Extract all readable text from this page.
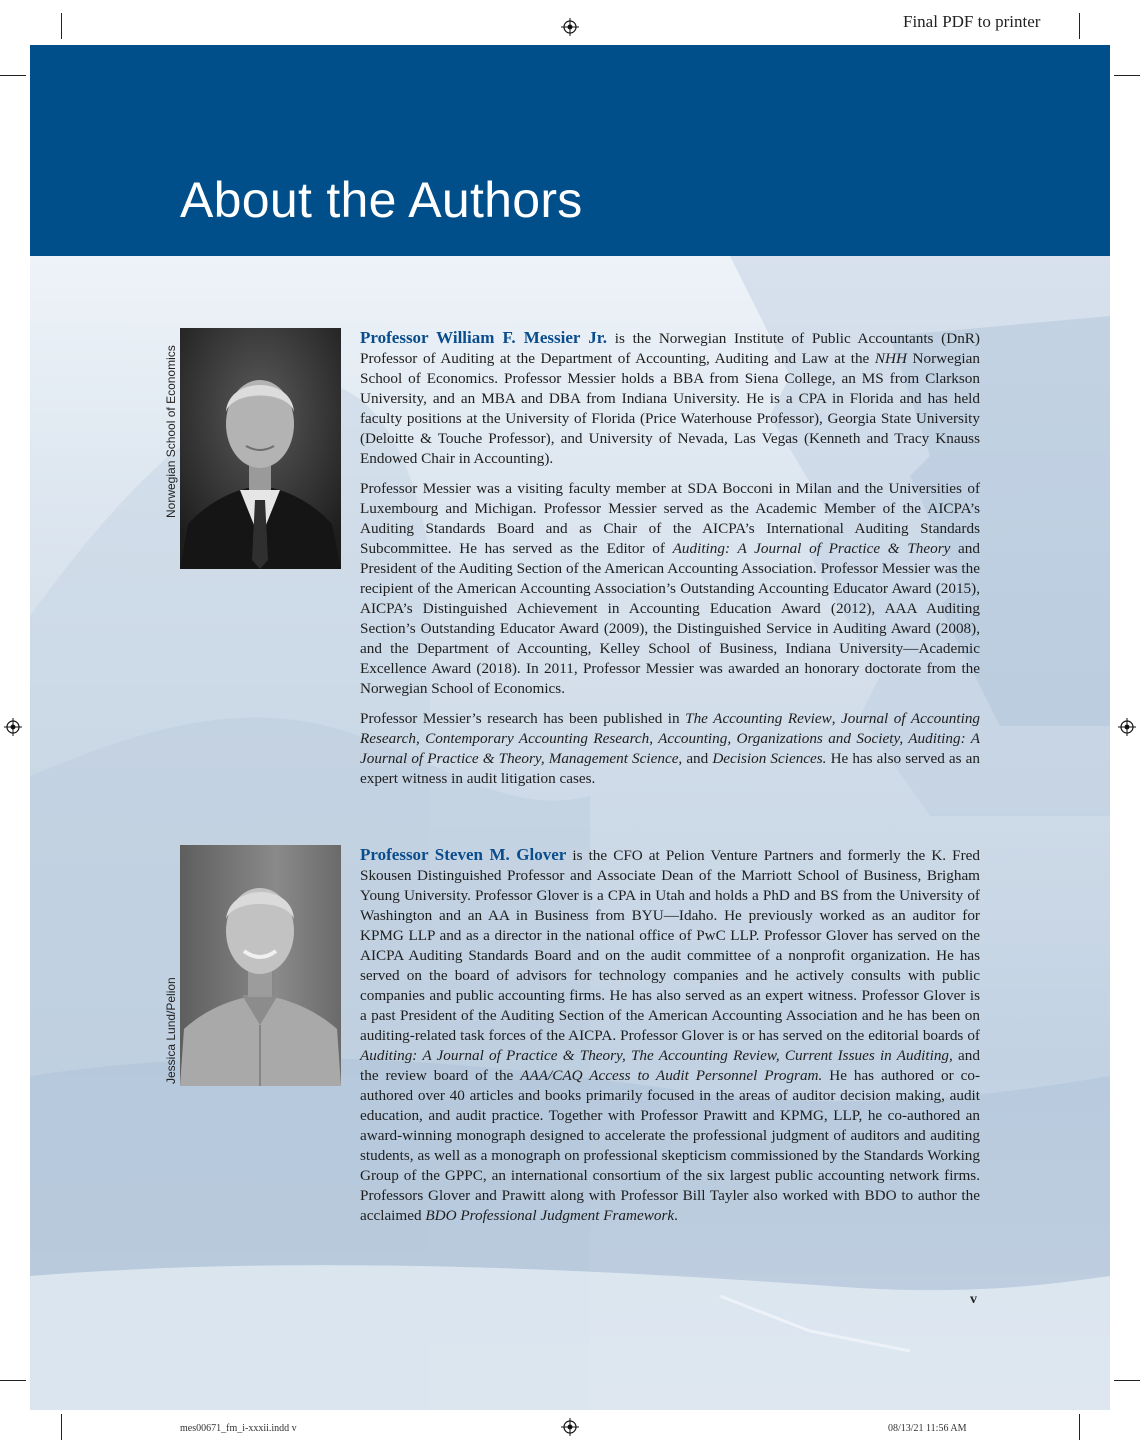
Final PDF to printer
About the Authors
Norwegian School of Economics

Professor William F. Messier Jr. is the Norwegian Institute of Public Accountants (DnR) Professor of Auditing at the Department of Accounting, Auditing and Law at the NHH Norwegian School of Economics. Professor Messier holds a BBA from Siena College, an MS from Clarkson University, and an MBA and DBA from Indiana University. He is a CPA in Florida and has held faculty positions at the University of Florida (Price Waterhouse Professor), Georgia State University (Deloitte & Touche Professor), and University of Nevada, Las Vegas (Kenneth and Tracy Knauss Endowed Chair in Accounting).

Professor Messier was a visiting faculty member at SDA Bocconi in Milan and the Universities of Luxembourg and Michigan. Professor Messier served as the Academic Member of the AICPA’s Auditing Standards Board and as Chair of the AICPA’s International Auditing Standards Subcommittee. He has served as the Editor of Auditing: A Journal of Practice & Theory and President of the Auditing Section of the American Accounting Association. Professor Messier was the recipient of the American Accounting Association’s Outstanding Accounting Educator Award (2015), AICPA’s Distinguished Achievement in Accounting Education Award (2012), AAA Auditing Section’s Outstanding Educator Award (2009), the Distinguished Service in Auditing Award (2008), and the Department of Accounting, Kelley School of Business, Indiana University—Academic Excellence Award (2018). In 2011, Professor Messier was awarded an honorary doctorate from the Norwegian School of Economics.

Professor Messier’s research has been published in The Accounting Review, Journal of Accounting Research, Contemporary Accounting Research, Accounting, Organizations and Society, Auditing: A Journal of Practice & Theory, Management Science, and Decision Sciences. He has also served as an expert witness in audit litigation cases.

Jessica Lund/Pelion

Professor Steven M. Glover is the CFO at Pelion Venture Partners and formerly the K. Fred Skousen Distinguished Professor and Associate Dean of the Marriott School of Business, Brigham Young University. Professor Glover is a CPA in Utah and holds a PhD and BS from the University of Washington and an AA in Business from BYU—Idaho. He previously worked as an auditor for KPMG LLP and as a director in the national office of PwC LLP. Professor Glover has served on the AICPA Auditing Standards Board and on the audit committee of a nonprofit organization. He has served on the board of advisors for technology companies and he actively consults with public companies and public accounting firms. He has also served as an expert witness. Professor Glover is a past President of the Auditing Section of the American Accounting Association and he has been on auditing-related task forces of the AICPA. Professor Glover is or has served on the editorial boards of Auditing: A Journal of Practice & Theory, The Accounting Review, Current Issues in Auditing, and the review board of the AAA/CAQ Access to Audit Personnel Program. He has authored or co-authored over 40 articles and books primarily focused in the areas of auditor decision making, audit education, and audit practice. Together with Professor Prawitt and KPMG, LLP, he co-authored an award-winning monograph designed to accelerate the professional judgment of auditors and auditing students, as well as a monograph on professional skepticism commissioned by the Standards Working Group of the GPPC, an international consortium of the six largest public accounting network firms. Professors Glover and Prawitt along with Professor Bill Tayler also worked with BDO to author the acclaimed BDO Professional Judgment Framework.

v
mes00671_fm_i-xxxii.indd v	08/13/21 11:56 AM
